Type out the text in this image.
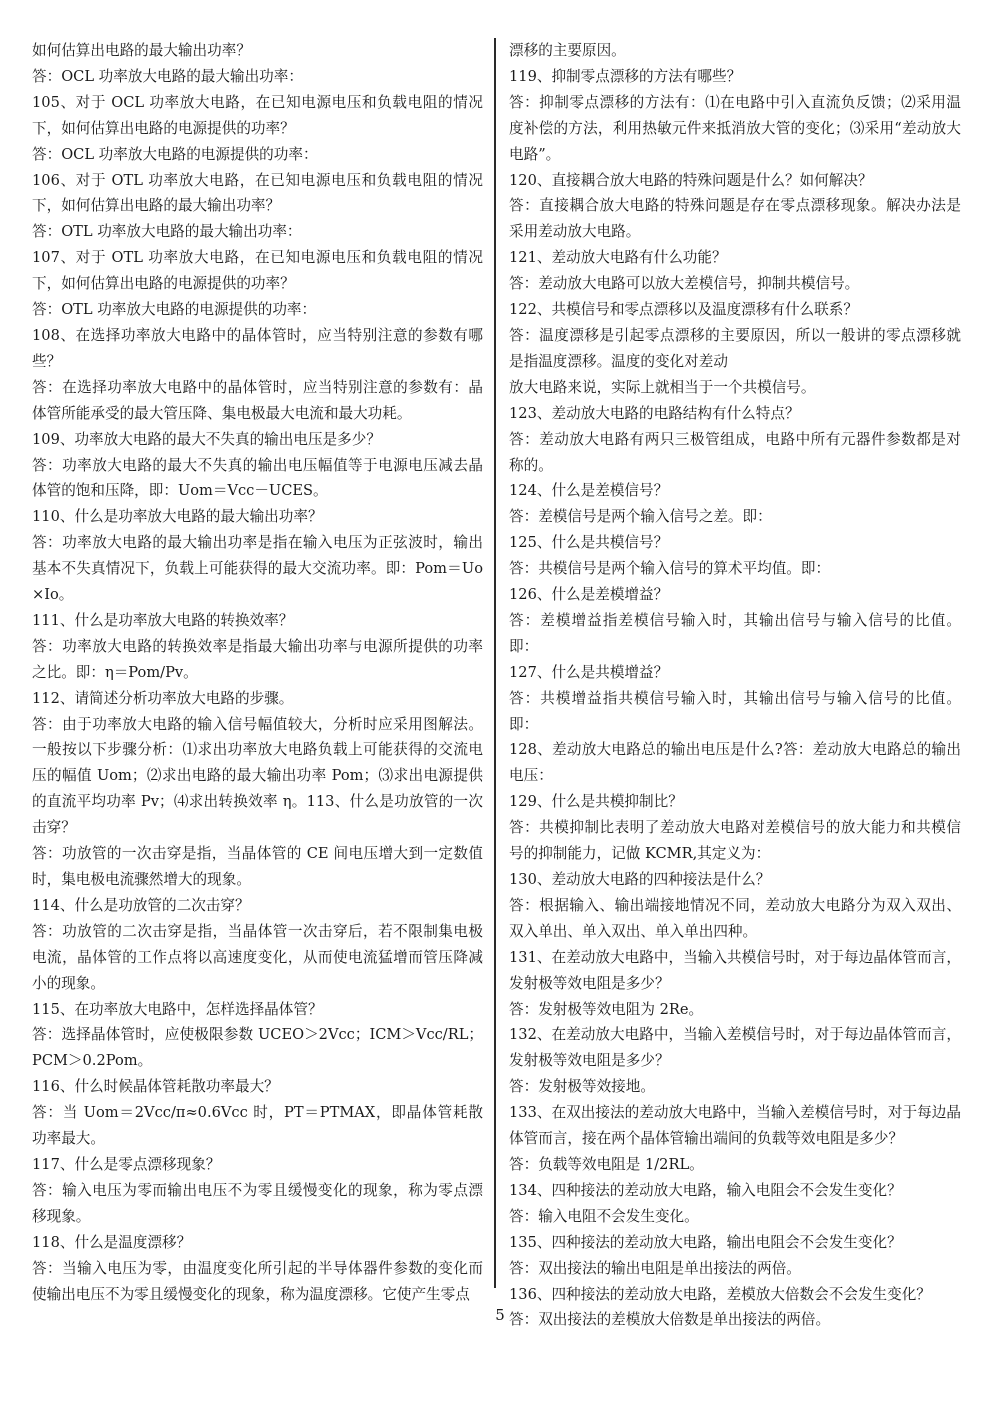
如何估算出电路的最大输出功率？
答：OCL 功率放大电路的最大输出功率：
105、对于 OCL 功率放大电路，在已知电源电压和负载电阻的情况下，如何估算出电路的电源提供的功率？
答：OCL 功率放大电路的电源提供的功率：
106、对于 OTL 功率放大电路，在已知电源电压和负载电阻的情况下，如何估算出电路的最大输出功率？
答：OTL 功率放大电路的最大输出功率：
107、对于 OTL 功率放大电路，在已知电源电压和负载电阻的情况下，如何估算出电路的电源提供的功率？
答：OTL 功率放大电路的电源提供的功率：
108、在选择功率放大电路中的晶体管时，应当特别注意的参数有哪些？
答：在选择功率放大电路中的晶体管时，应当特别注意的参数有：晶体管所能承受的最大管压降、集电极最大电流和最大功耗。
109、功率放大电路的最大不失真的输出电压是多少？
答：功率放大电路的最大不失真的输出电压幅值等于电源电压减去晶体管的饱和压降，即：Uom＝Vcc－UCES。
110、什么是功率放大电路的最大输出功率？
答：功率放大电路的最大输出功率是指在输入电压为正弦波时，输出基本不失真情况下，负载上可能获得的最大交流功率。即：Pom＝Uo×Io。
111、什么是功率放大电路的转换效率？
答：功率放大电路的转换效率是指最大输出功率与电源所提供的功率之比。即：η＝Pom/Pv。
112、请简述分析功率放大电路的步骤。
答：由于功率放大电路的输入信号幅值较大，分析时应采用图解法。一般按以下步骤分析：⑴求出功率放大电路负载上可能获得的交流电压的幅值 Uom；⑵求出电路的最大输出功率 Pom；⑶求出电源提供的直流平均功率 Pv；⑷求出转换效率 η。113、什么是功放管的一次击穿？
答：功放管的一次击穿是指，当晶体管的 CE 间电压增大到一定数值时，集电极电流骤然增大的现象。
114、什么是功放管的二次击穿？
答：功放管的二次击穿是指，当晶体管一次击穿后，若不限制集电极电流，晶体管的工作点将以高速度变化，从而使电流猛增而管压降减小的现象。
115、在功率放大电路中，怎样选择晶体管？
答：选择晶体管时，应使极限参数 UCEO＞2Vcc；ICM＞Vcc/RL；PCM＞0.2Pom。
116、什么时候晶体管耗散功率最大？
答：当 Uom＝2Vcc/π≈0.6Vcc 时，PT＝PTMAX，即晶体管耗散功率最大。
117、什么是零点漂移现象？
答：输入电压为零而输出电压不为零且缓慢变化的现象，称为零点漂移现象。
118、什么是温度漂移？
答：当输入电压为零，由温度变化所引起的半导体器件参数的变化而使输出电压不为零且缓慢变化的现象，称为温度漂移。它使产生零点
漂移的主要原因。
119、抑制零点漂移的方法有哪些？
答：抑制零点漂移的方法有：⑴在电路中引入直流负反馈；⑵采用温度补偿的方法，利用热敏元件来抵消放大管的变化；⑶采用“差动放大电路”。
120、直接耦合放大电路的特殊问题是什么？如何解决？
答：直接耦合放大电路的特殊问题是存在零点漂移现象。解决办法是采用差动放大电路。
121、差动放大电路有什么功能？
答：差动放大电路可以放大差模信号，抑制共模信号。
122、共模信号和零点漂移以及温度漂移有什么联系？
答：温度漂移是引起零点漂移的主要原因，所以一般讲的零点漂移就是指温度漂移。温度的变化对差动
放大电路来说，实际上就相当于一个共模信号。
123、差动放大电路的电路结构有什么特点？
答：差动放大电路有两只三极管组成，电路中所有元器件参数都是对称的。
124、什么是差模信号？
答：差模信号是两个输入信号之差。即：
125、什么是共模信号？
答：共模信号是两个输入信号的算术平均值。即：
126、什么是差模增益？
答：差模增益指差模信号输入时，其输出信号与输入信号的比值。即：
127、什么是共模增益？
答：共模增益指共模信号输入时，其输出信号与输入信号的比值。即：
128、差动放大电路总的输出电压是什么?答：差动放大电路总的输出电压：
129、什么是共模抑制比？
答：共模抑制比表明了差动放大电路对差模信号的放大能力和共模信号的抑制能力，记做 KCMR,其定义为：
130、差动放大电路的四种接法是什么？
答：根据输入、输出端接地情况不同，差动放大电路分为双入双出、双入单出、单入双出、单入单出四种。
131、在差动放大电路中，当输入共模信号时，对于每边晶体管而言，发射极等效电阻是多少？
答：发射极等效电阻为 2Re。
132、在差动放大电路中，当输入差模信号时，对于每边晶体管而言，发射极等效电阻是多少？
答：发射极等效接地。
133、在双出接法的差动放大电路中，当输入差模信号时，对于每边晶体管而言，接在两个晶体管输出端间的负载等效电阻是多少？
答：负载等效电阻是 1/2RL。
134、四种接法的差动放大电路，输入电阻会不会发生变化？
答：输入电阻不会发生变化。
135、四种接法的差动放大电路，输出电阻会不会发生变化？
答：双出接法的输出电阻是单出接法的两倍。
136、四种接法的差动放大电路，差模放大倍数会不会发生变化？
答：双出接法的差模放大倍数是单出接法的两倍。
5
